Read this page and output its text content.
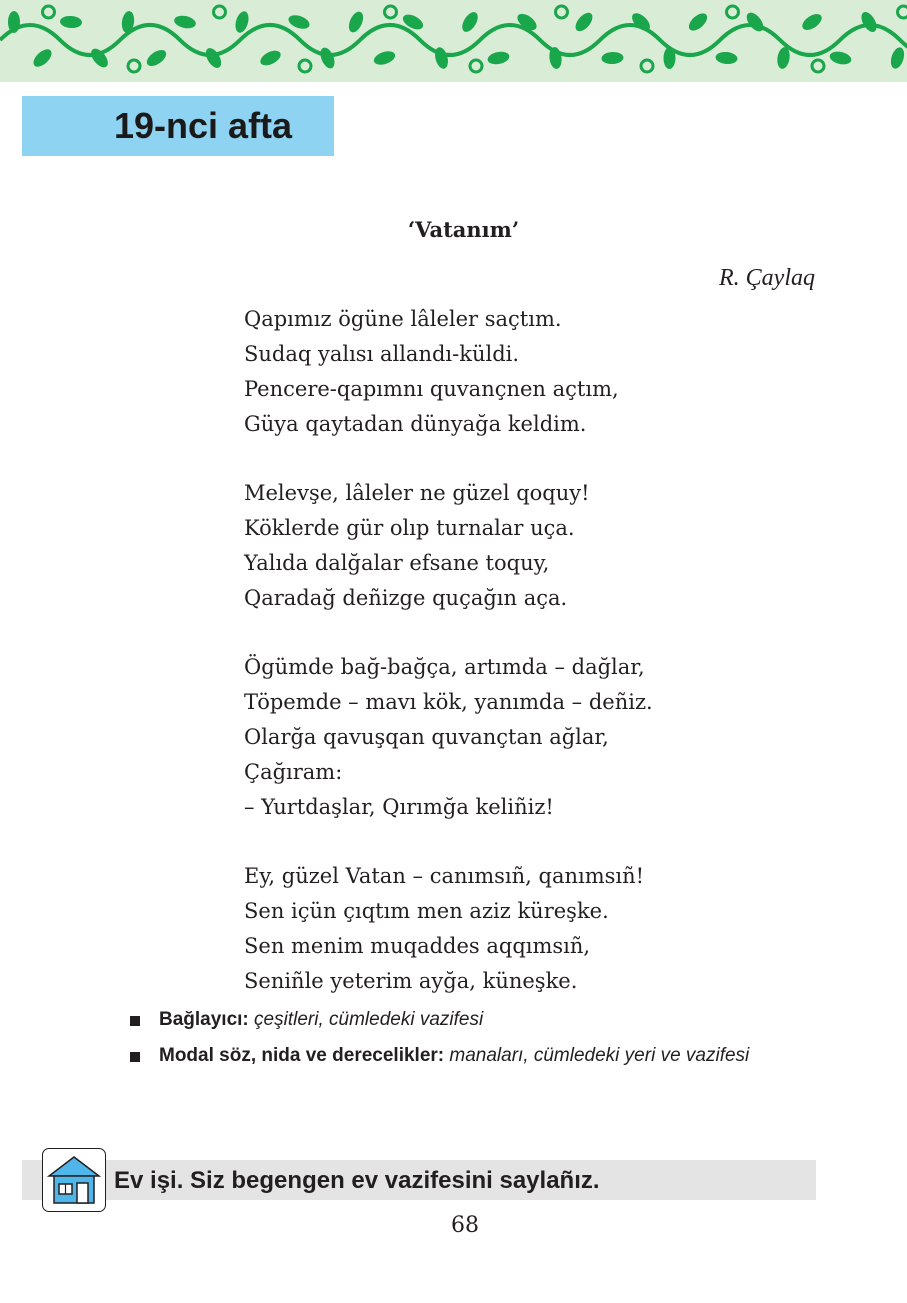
19-nci afta
‘Vatanım’
R. Çaylaq
Qapımız ögüne lâleler saçtım.
Sudaq yalısı allandı-küldi.
Pencere-qapımnı quvançnen açtım,
Güya qaytadan dünyağa keldim.
Melevşe, lâleler ne güzel qoquy!
Köklerde gür olıp turnalar uça.
Yalıda dalğalar efsane toquy,
Qaradağ deñizge quçağın aça.
Ögümde bağ-bağça, artımda – dağlar,
Töpemde – mavı kök, yanımda – deñiz.
Olarğa qavuşqan quvançtan ağlar,
Çağıram:
– Yurtdaşlar, Qırımğa keliñiz!
Ey, güzel Vatan – canımsıñ, qanımsıñ!
Sen içün çıqtım men aziz küreşke.
Sen menim muqaddes aqqımsıñ,
Seniñle yeterim ayğa, küneşke.
Bağlayıcı: çeşitleri, cümledeki vazifesi
Modal söz, nida ve derecelikler: manaları, cümledeki yeri ve vazifesi
Ev işi. Siz begengen ev vazifesini saylañız.
68
